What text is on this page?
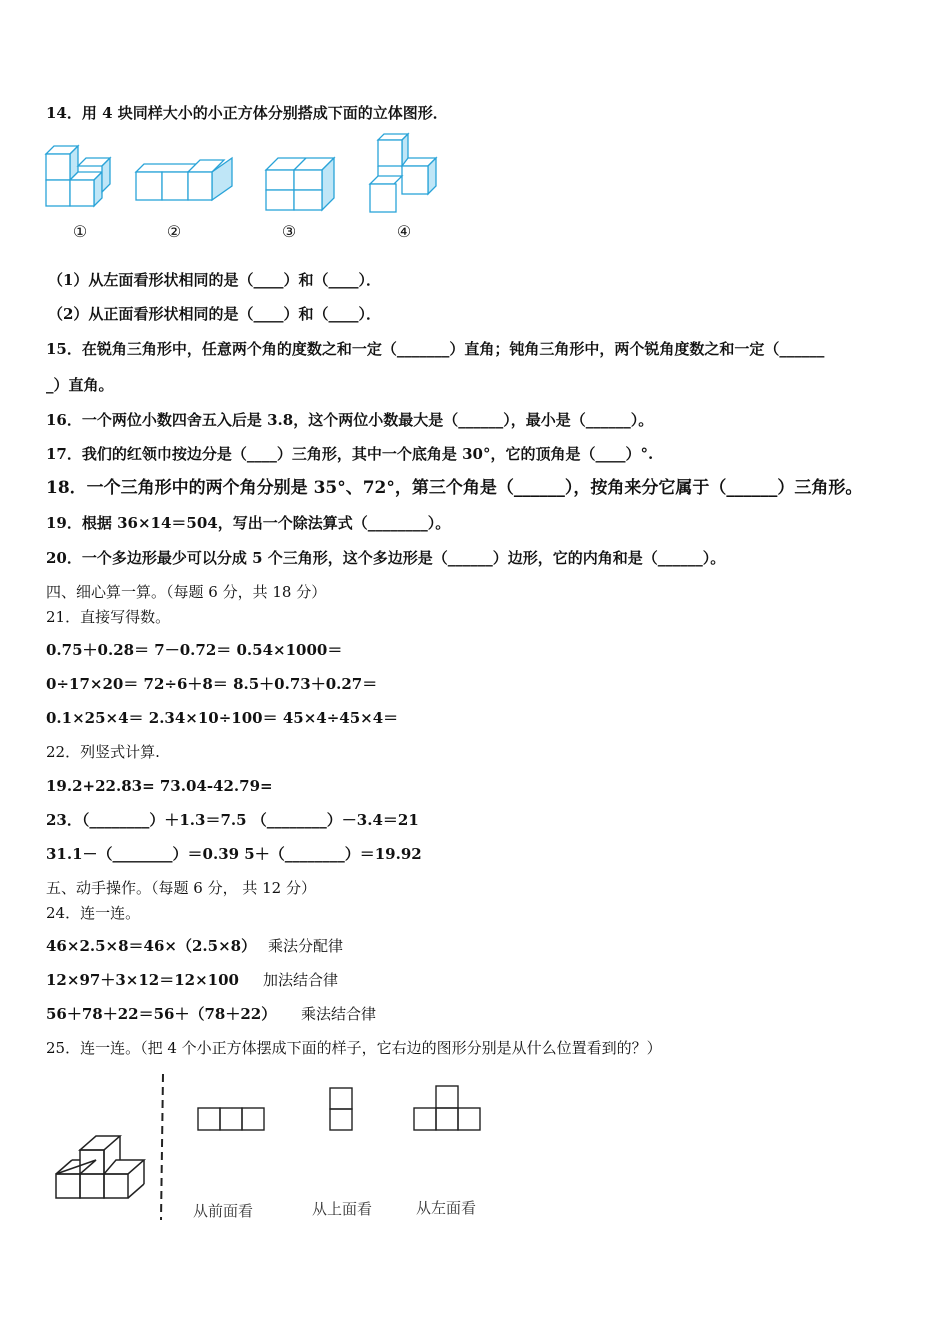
14．用 4 块同样大小的小正方体分别搭成下面的立体图形．
①	②	③	④
（1）从左面看形状相同的是（____）和（____）．
（2）从正面看形状相同的是（____）和（____）．
15．在锐角三角形中，任意两个角的度数之和一定（_______）直角；钝角三角形中，两个锐角度数之和一定（______
_）直角。
16．一个两位小数四舍五入后是 3.8，这个两位小数最大是（______），最小是（______）。
17．我们的红领巾按边分是（____）三角形，其中一个底角是 30°，它的顶角是（____）°.
18．一个三角形中的两个角分别是 35°、72°，第三个角是（______），按角来分它属于（______）三角形。
19．根据 36×14＝504，写出一个除法算式（________）。
20．一个多边形最少可以分成 5 个三角形，这个多边形是（______）边形，它的内角和是（______）。
四、细心算一算。（每题 6 分，共 18 分）
21．直接写得数。
0.75＋0.28＝ 7－0.72＝ 0.54×1000＝
0÷17×20＝ 72÷6＋8＝ 8.5＋0.73＋0.27＝
0.1×25×4＝ 2.34×10÷100＝ 45×4÷45×4＝
22．列竖式计算.
19.2+22.83= 73.04-42.79=
23．（________）＋1.3＝7.5 （________）－3.4＝21
31.1－（________）＝0.39 5＋（________）＝19.92
五、动手操作。（每题 6 分， 共 12 分）
24．连一连。
46×2.5×8＝46×（2.5×8） 乘法分配律
12×97＋3×12＝12×100 加法结合律
56＋78＋22＝56＋（78＋22） 乘法结合律
25．连一连。（把 4 个小正方体摆成下面的样子，它右边的图形分别是从什么位置看到的？）
从前面看	从上面看	从左面看
